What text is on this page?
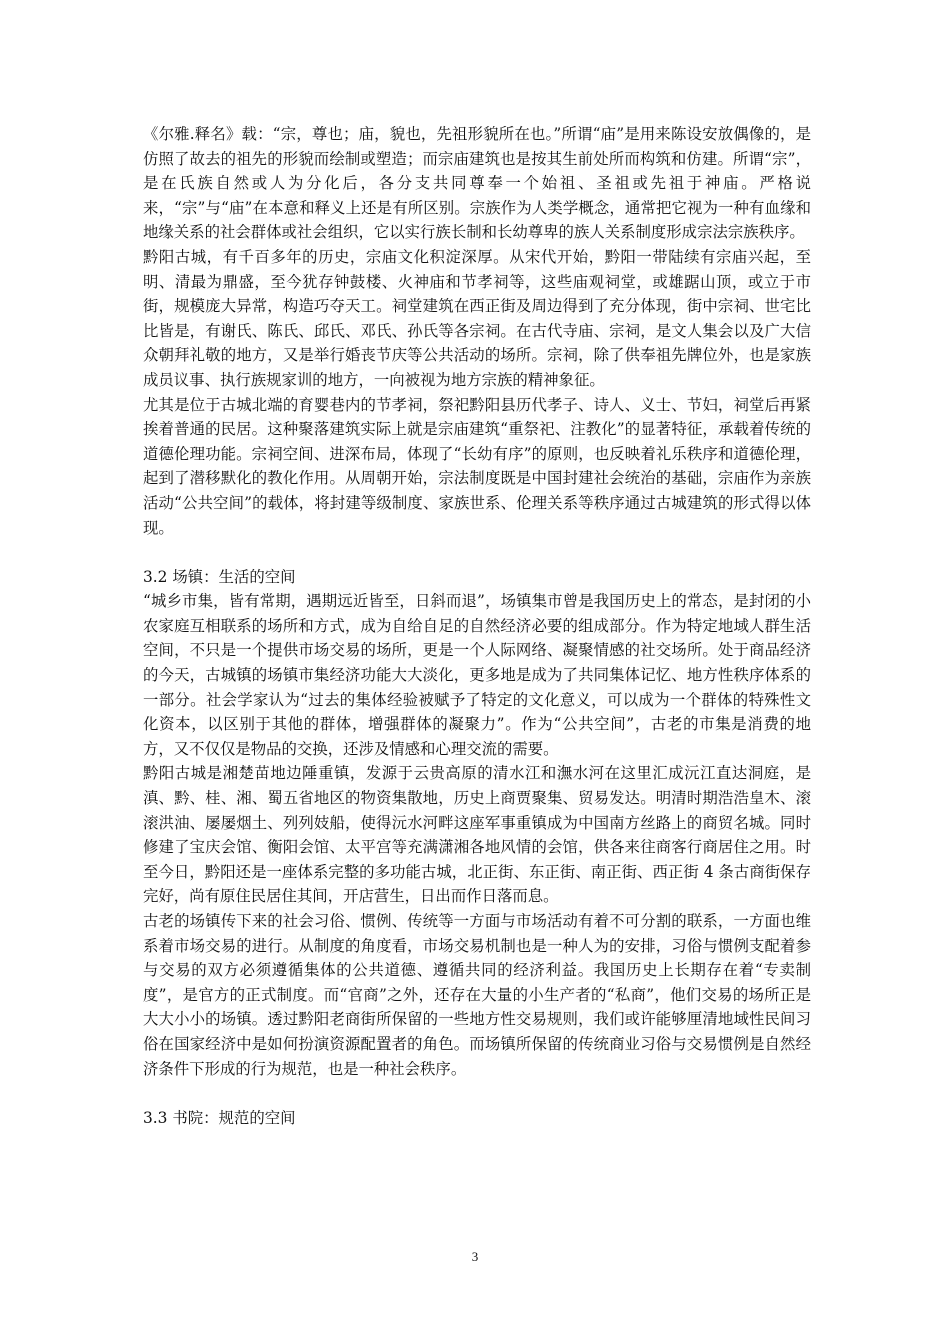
《尔雅.释名》载：“宗，尊也；庙，貌也，先祖形貌所在也。”所谓“庙”是用来陈设安放偶像的，是仿照了故去的祖先的形貌而绘制或塑造；而宗庙建筑也是按其生前处所而构筑和仿建。所谓“宗”，是在氏族自然或人为分化后，各分支共同尊奉一个始祖、圣祖或先祖于神庙。严格说来，“宗”与“庙”在本意和释义上还是有所区别。宗族作为人类学概念，通常把它视为一种有血缘和地缘关系的社会群体或社会组织，它以实行族长制和长幼尊卑的族人关系制度形成宗法宗族秩序。

黔阳古城，有千百多年的历史，宗庙文化积淀深厚。从宋代开始，黔阳一带陆续有宗庙兴起，至明、清最为鼎盛，至今犹存钟鼓楼、火神庙和节孝祠等，这些庙观祠堂，或雄踞山顶，或立于市街，规模庞大异常，构造巧夺天工。祠堂建筑在西正街及周边得到了充分体现，街中宗祠、世宅比比皆是，有谢氏、陈氏、邱氏、邓氏、孙氏等各宗祠。在古代寺庙、宗祠，是文人集会以及广大信众朝拜礼敬的地方，又是举行婚丧节庆等公共活动的场所。宗祠，除了供奉祖先牌位外，也是家族成员议事、执行族规家训的地方，一向被视为地方宗族的精神象征。

尤其是位于古城北端的育婴巷内的节孝祠，祭祀黔阳县历代孝子、诗人、义士、节妇，祠堂后再紧挨着普通的民居。这种聚落建筑实际上就是宗庙建筑“重祭祀、注教化”的显著特征，承载着传统的道德伦理功能。宗祠空间、进深布局，体现了“长幼有序”的原则，也反映着礼乐秩序和道德伦理，起到了潜移默化的教化作用。从周朝开始，宗法制度既是中国封建社会统治的基础，宗庙作为亲族活动“公共空间”的载体，将封建等级制度、家族世系、伦理关系等秩序通过古城建筑的形式得以体现。

3.2 场镇：生活的空间

“城乡市集，皆有常期，遇期远近皆至，日斜而退”，场镇集市曾是我国历史上的常态，是封闭的小农家庭互相联系的场所和方式，成为自给自足的自然经济必要的组成部分。作为特定地域人群生活空间，不只是一个提供市场交易的场所，更是一个人际网络、凝聚情感的社交场所。处于商品经济的今天，古城镇的场镇市集经济功能大大淡化，更多地是成为了共同集体记忆、地方性秩序体系的一部分。社会学家认为“过去的集体经验被赋予了特定的文化意义，可以成为一个群体的特殊性文化资本，以区别于其他的群体，增强群体的凝聚力”。作为“公共空间”，古老的市集是消费的地方，又不仅仅是物品的交换，还涉及情感和心理交流的需要。

黔阳古城是湘楚苗地边陲重镇，发源于云贵高原的清水江和潕水河在这里汇成沅江直达洞庭，是滇、黔、桂、湘、蜀五省地区的物资集散地，历史上商贾聚集、贸易发达。明清时期浩浩皇木、滚滚洪油、屡屡烟土、列列妓船，使得沅水河畔这座军事重镇成为中国南方丝路上的商贸名城。同时修建了宝庆会馆、衡阳会馆、太平宫等充满潇湘各地风情的会馆，供各来往商客行商居住之用。时至今日，黔阳还是一座体系完整的多功能古城，北正街、东正街、南正街、西正街 4 条古商街保存完好，尚有原住民居住其间，开店营生，日出而作日落而息。

古老的场镇传下来的社会习俗、惯例、传统等一方面与市场活动有着不可分割的联系，一方面也维系着市场交易的进行。从制度的角度看，市场交易机制也是一种人为的安排，习俗与惯例支配着参与交易的双方必须遵循集体的公共道德、遵循共同的经济利益。我国历史上长期存在着“专卖制度”，是官方的正式制度。而“官商”之外，还存在大量的小生产者的“私商”，他们交易的场所正是大大小小的场镇。透过黔阳老商街所保留的一些地方性交易规则，我们或许能够厘清地域性民间习俗在国家经济中是如何扮演资源配置者的角色。而场镇所保留的传统商业习俗与交易惯例是自然经济条件下形成的行为规范，也是一种社会秩序。

3.3 书院：规范的空间

3
